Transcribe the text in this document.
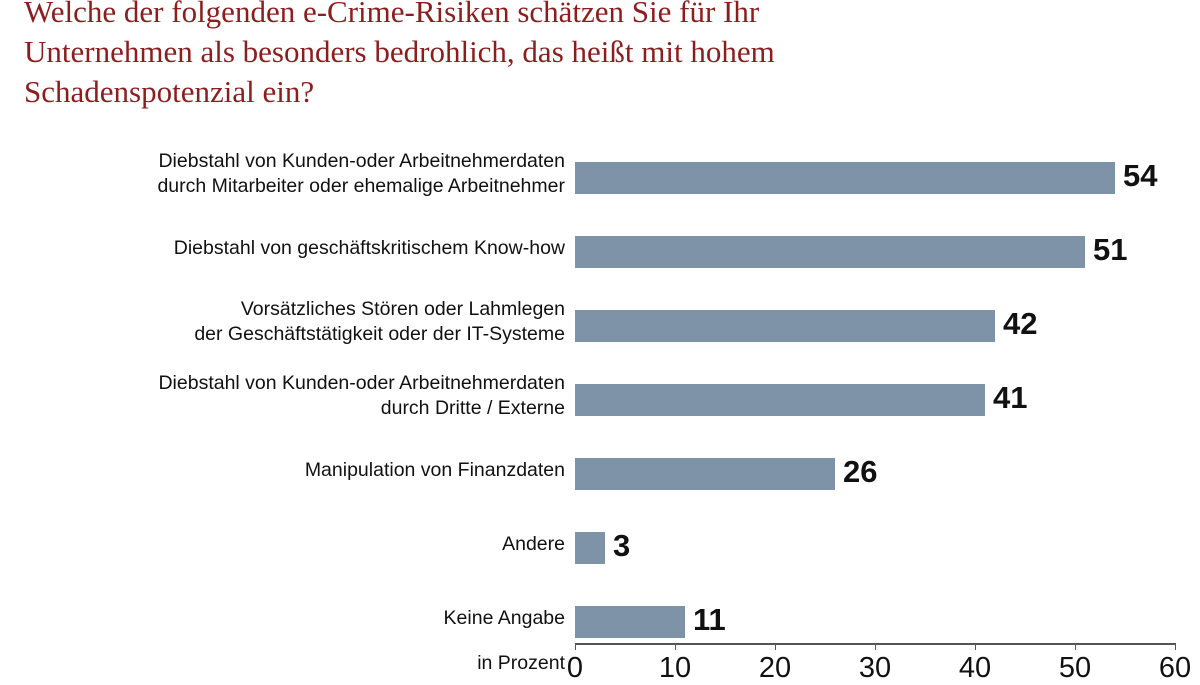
Welche der folgenden e-Crime-Risiken schätzen Sie für Ihr
Unternehmen als besonders bedrohlich, das heißt mit hohem
Schadenspotenzial ein?
Diebstahl von Kunden-oder Arbeitnehmerdaten
durch Mitarbeiter oder ehemalige Arbeitnehmer	54
Diebstahl von geschäftskritischem Know-how	51
Vorsätzliches Stören oder Lahmlegen
der Geschäftstätigkeit oder der IT-Systeme	42
Diebstahl von Kunden-oder Arbeitnehmerdaten
durch Dritte / Externe	41
Manipulation von Finanzdaten	26
Andere 3
Keine Angabe	11
in Prozent 0	10 20 30 40 50 60
